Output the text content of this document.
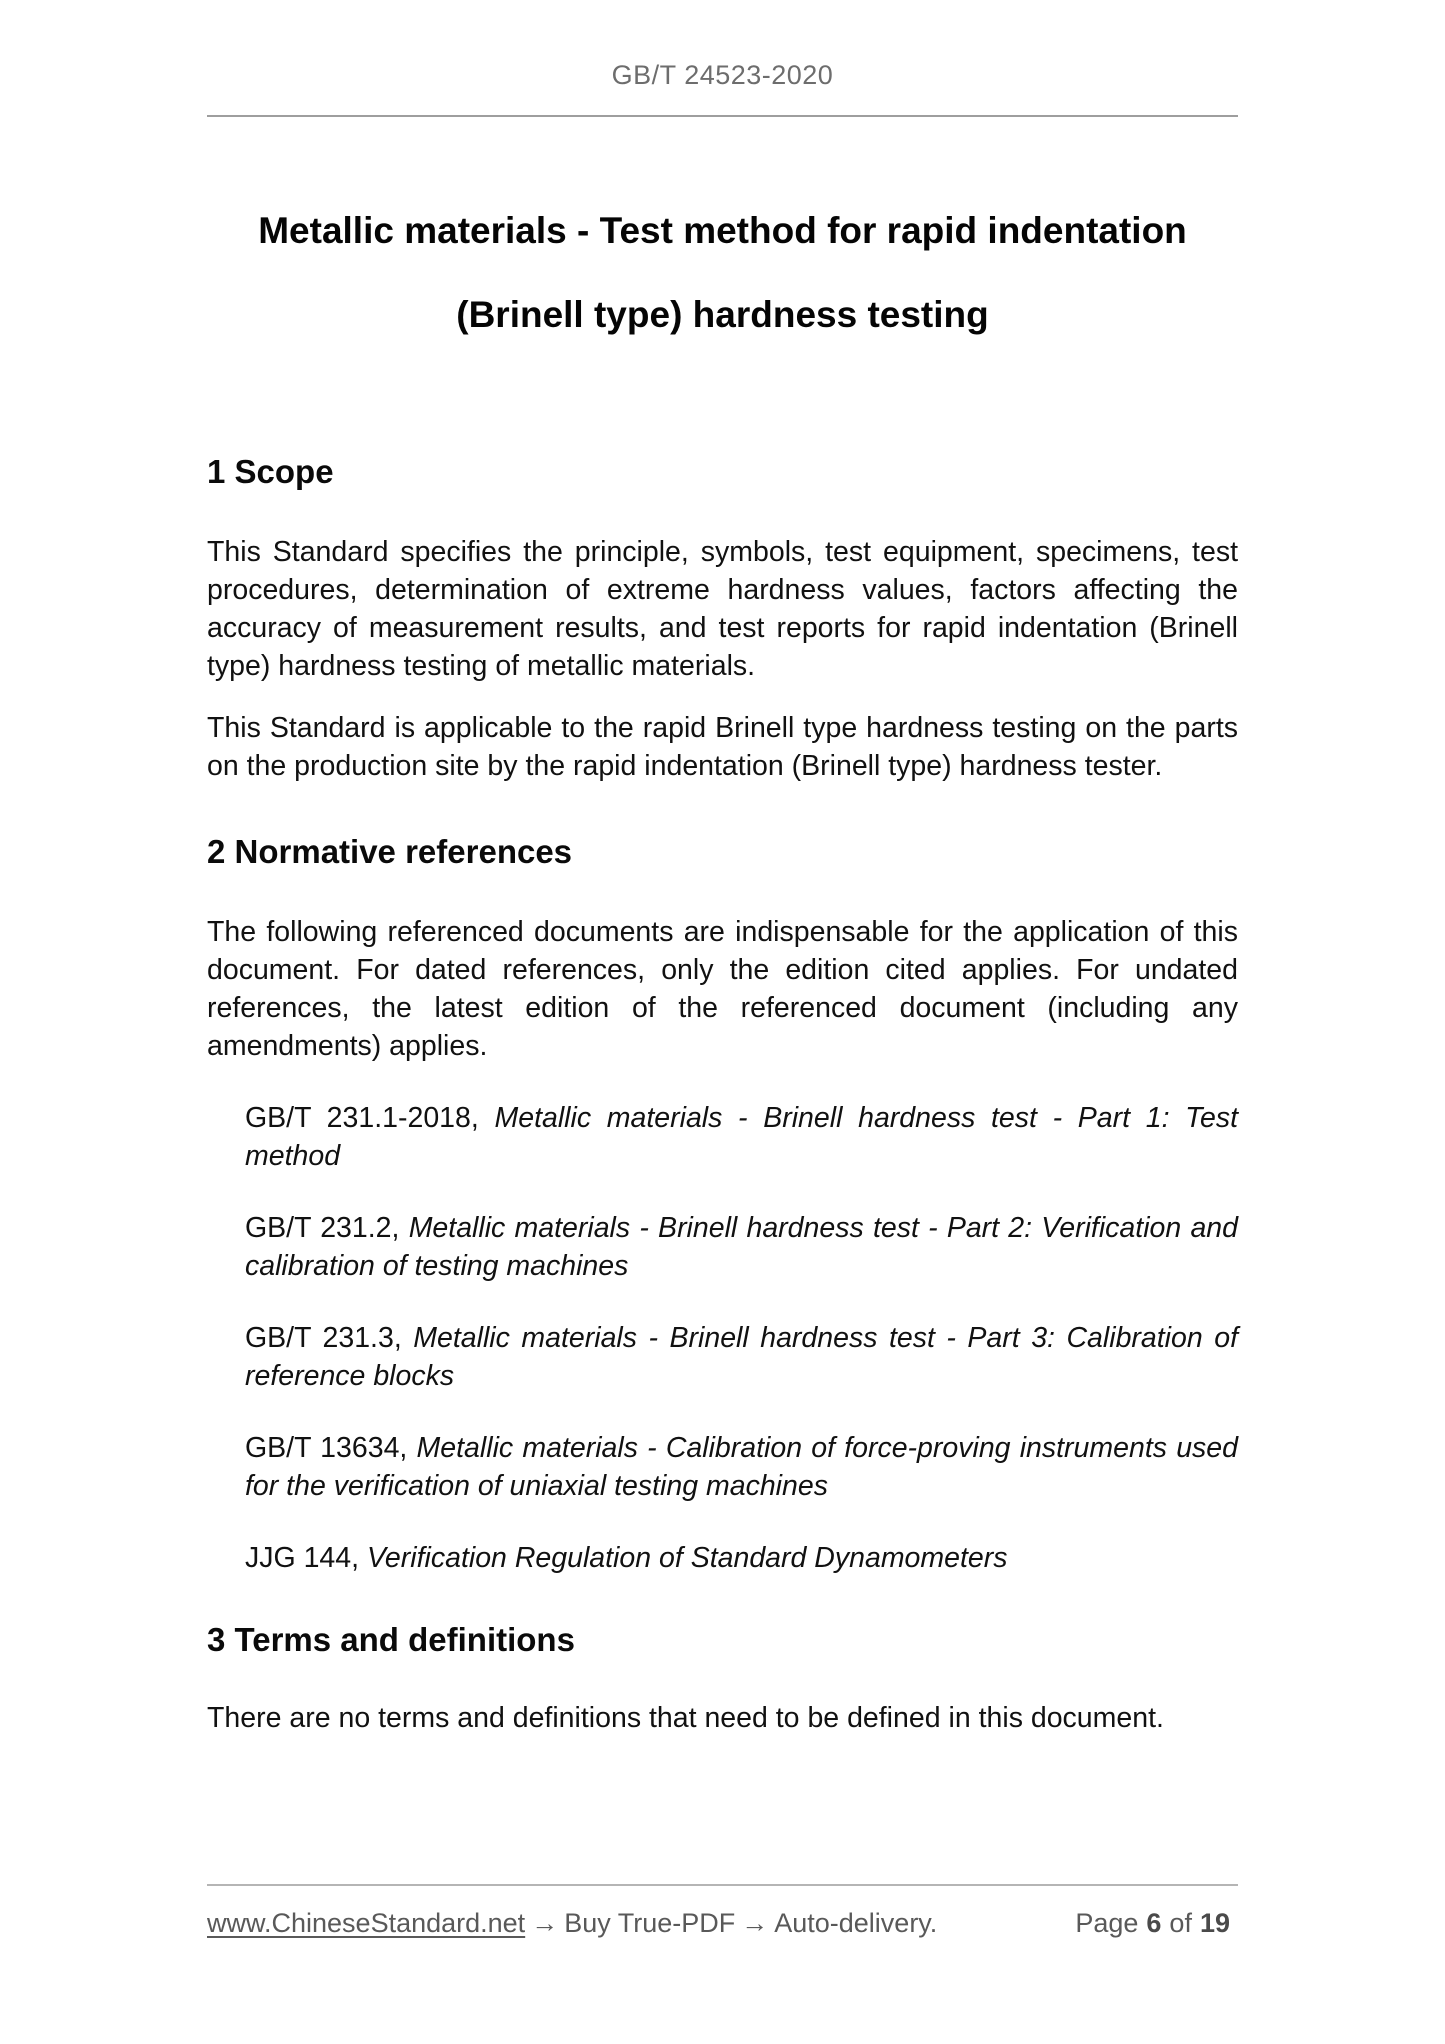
GB/T 24523-2020
Metallic materials - Test method for rapid indentation
(Brinell type) hardness testing
1 Scope

This Standard specifies the principle, symbols, test equipment, specimens, test procedures, determination of extreme hardness values, factors affecting the accuracy of measurement results, and test reports for rapid indentation (Brinell type) hardness testing of metallic materials.

This Standard is applicable to the rapid Brinell type hardness testing on the parts on the production site by the rapid indentation (Brinell type) hardness tester.

2 Normative references

The following referenced documents are indispensable for the application of this document. For dated references, only the edition cited applies. For undated references, the latest edition of the referenced document (including any amendments) applies.

GB/T 231.1-2018, Metallic materials - Brinell hardness test - Part 1: Test method

GB/T 231.2, Metallic materials - Brinell hardness test - Part 2: Verification and calibration of testing machines

GB/T 231.3, Metallic materials - Brinell hardness test - Part 3: Calibration of reference blocks

GB/T 13634, Metallic materials - Calibration of force-proving instruments used for the verification of uniaxial testing machines

JJG 144, Verification Regulation of Standard Dynamometers

3 Terms and definitions

There are no terms and definitions that need to be defined in this document.

www.ChineseStandard.net → Buy True-PDF → Auto-delivery.	Page 6 of 19
